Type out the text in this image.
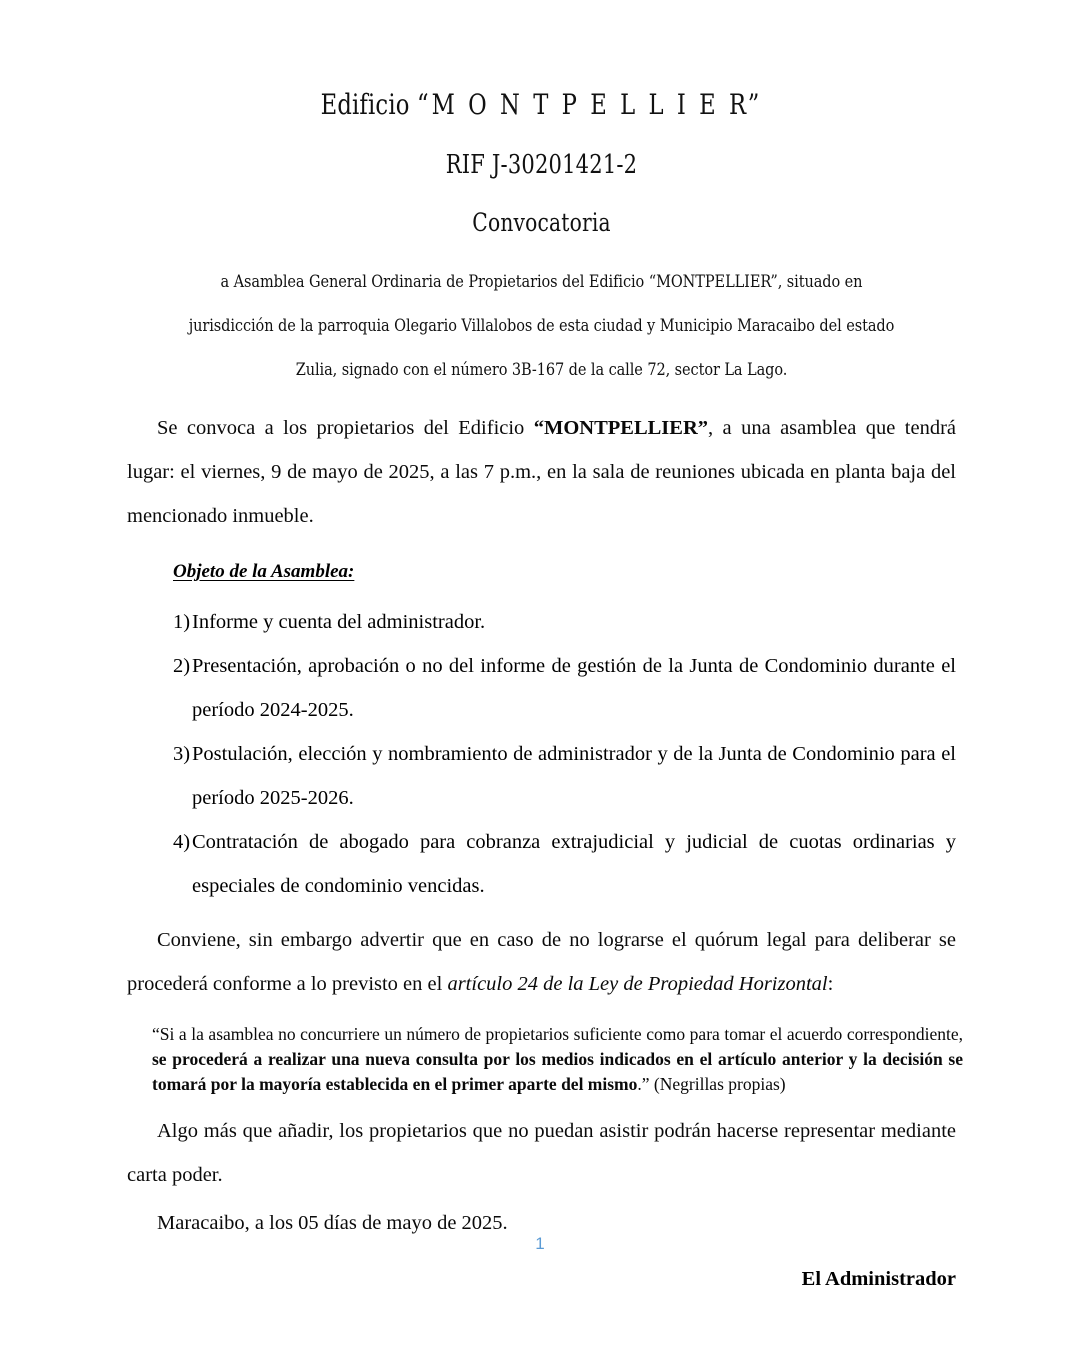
Edificio “M O N T P E L L I E R”
RIF J-30201421-2
Convocatoria
a Asamblea General Ordinaria de Propietarios del Edificio “MONTPELLIER”, situado en jurisdicción de la parroquia Olegario Villalobos de esta ciudad y Municipio Maracaibo del estado Zulia, signado con el número 3B-167 de la calle 72, sector La Lago.

Se convoca a los propietarios del Edificio “MONTPELLIER”, a una asamblea que tendrá lugar: el viernes, 9 de mayo de 2025, a las 7 p.m., en la sala de reuniones ubicada en planta baja del mencionado inmueble.

Objeto de la Asamblea:
1) Informe y cuenta del administrador.
2) Presentación, aprobación o no del informe de gestión de la Junta de Condominio durante el período 2024-2025.
3) Postulación, elección y nombramiento de administrador y de la Junta de Condominio para el período 2025-2026.
4) Contratación de abogado para cobranza extrajudicial y judicial de cuotas ordinarias y especiales de condominio vencidas.

Conviene, sin embargo advertir que en caso de no lograrse el quórum legal para deliberar se procederá conforme a lo previsto en el artículo 24 de la Ley de Propiedad Horizontal:

“Si a la asamblea no concurriere un número de propietarios suficiente como para tomar el acuerdo correspondiente, se procederá a realizar una nueva consulta por los medios indicados en el artículo anterior y la decisión se tomará por la mayoría establecida en el primer aparte del mismo.” (Negrillas propias)

Algo más que añadir, los propietarios que no puedan asistir podrán hacerse representar mediante carta poder.

Maracaibo, a los 05 días de mayo de 2025.

El Administrador
1
